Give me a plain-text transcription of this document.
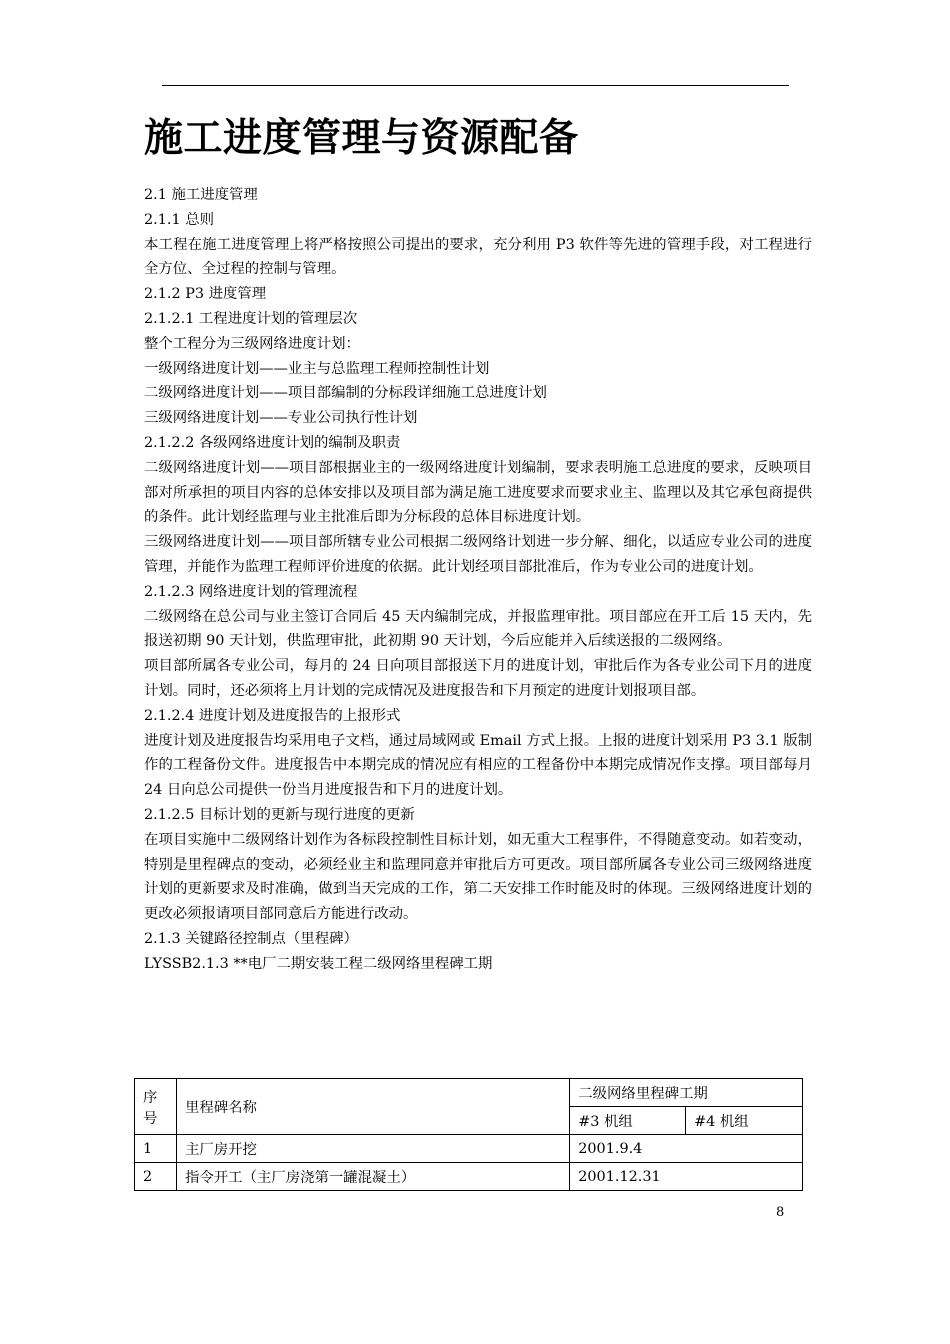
施工进度管理与资源配备

2.1 施工进度管理

2.1.1 总则

本工程在施工进度管理上将严格按照公司提出的要求，充分利用 P3 软件等先进的管理手段，对工程进行全方位、全过程的控制与管理。

2.1.2 P3 进度管理

2.1.2.1 工程进度计划的管理层次

整个工程分为三级网络进度计划：

一级网络进度计划——业主与总监理工程师控制性计划

二级网络进度计划——项目部编制的分标段详细施工总进度计划

三级网络进度计划——专业公司执行性计划

2.1.2.2 各级网络进度计划的编制及职责

二级网络进度计划——项目部根据业主的一级网络进度计划编制，要求表明施工总进度的要求，反映项目部对所承担的项目内容的总体安排以及项目部为满足施工进度要求而要求业主、监理以及其它承包商提供的条件。此计划经监理与业主批准后即为分标段的总体目标进度计划。

三级网络进度计划——项目部所辖专业公司根据二级网络计划进一步分解、细化，以适应专业公司的进度管理，并能作为监理工程师评价进度的依据。此计划经项目部批准后，作为专业公司的进度计划。

2.1.2.3 网络进度计划的管理流程

二级网络在总公司与业主签订合同后 45 天内编制完成，并报监理审批。项目部应在开工后 15 天内，先报送初期 90 天计划，供监理审批，此初期 90 天计划，今后应能并入后续送报的二级网络。

项目部所属各专业公司，每月的 24 日向项目部报送下月的进度计划，审批后作为各专业公司下月的进度计划。同时，还必须将上月计划的完成情况及进度报告和下月预定的进度计划报项目部。

2.1.2.4 进度计划及进度报告的上报形式

进度计划及进度报告均采用电子文档，通过局域网或 Email 方式上报。上报的进度计划采用 P3 3.1 版制作的工程备份文件。进度报告中本期完成的情况应有相应的工程备份中本期完成情况作支撑。项目部每月 24 日向总公司提供一份当月进度报告和下月的进度计划。

2.1.2.5 目标计划的更新与现行进度的更新

在项目实施中二级网络计划作为各标段控制性目标计划，如无重大工程事件，不得随意变动。如若变动，特别是里程碑点的变动，必须经业主和监理同意并审批后方可更改。项目部所属各专业公司三级网络进度计划的更新要求及时准确，做到当天完成的工作，第二天安排工作时能及时的体现。三级网络进度计划的更改必须报请项目部同意后方能进行改动。

2.1.3 关键路径控制点（里程碑）

LYSSB2.1.3 **电厂二期安装工程二级网络里程碑工期

序号	里程碑名称	二级网络里程碑工期	
		#3 机组	#4 机组
1	主厂房开挖	2001.9.4	
2	指令开工（主厂房浇第一罐混凝土）	2001.12.31	
8
